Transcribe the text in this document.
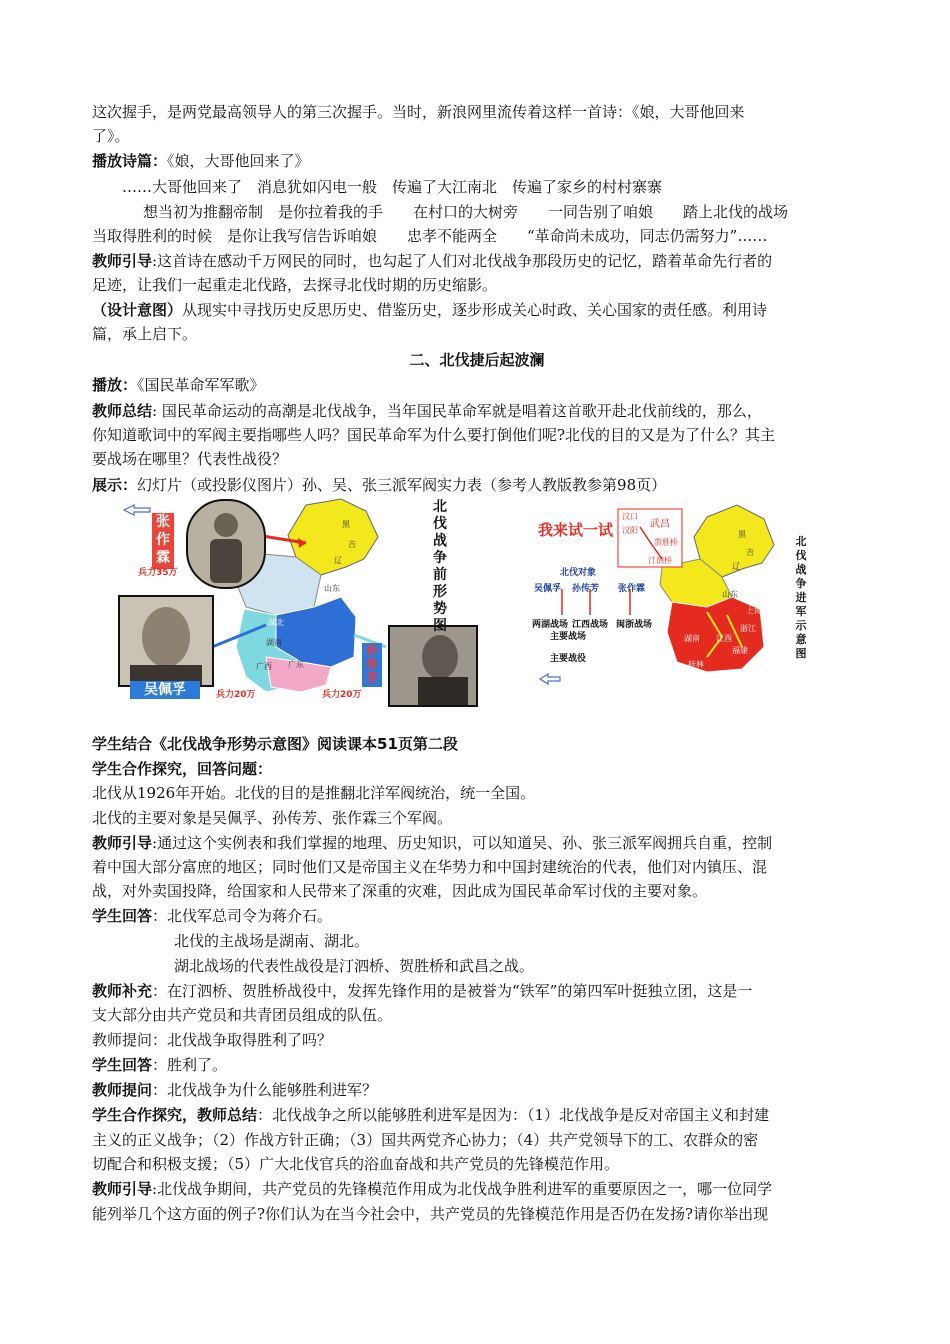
这次握手，是两党最高领导人的第三次握手。当时，新浪网里流传着这样一首诗：《娘，大哥他回来
了》。
播放诗篇：《娘，大哥他回来了》
……大哥他回来了　消息犹如闪电一般　传遍了大江南北　传遍了家乡的村村寨寨
想当初为推翻帝制　是你拉着我的手　　在村口的大树旁　　一同告别了咱娘　　踏上北伐的战场
当取得胜利的时候　是你让我写信告诉咱娘　　忠孝不能两全　　“革命尚未成功，同志仍需努力”……
教师引导:这首诗在感动千万网民的同时，也勾起了人们对北伐战争那段历史的记忆，踏着革命先行者的
足迹，让我们一起重走北伐路，去探寻北伐时期的历史缩影。
（设计意图）从现实中寻找历史反思历史、借鉴历史，逐步形成关心时政、关心国家的责任感。利用诗
篇，承上启下。
二、北伐捷后起波澜
播放：《国民革命军军歌》
教师总结: 国民革命运动的高潮是北伐战争，当年国民革命军就是唱着这首歌开赴北伐前线的，那么，
你知道歌词中的军阀主要指哪些人吗？国民革命军为什么要打倒他们呢?北伐的目的又是为了什么？其主
要战场在哪里？代表性战役？
展示：幻灯片（或投影仪图片）孙、吴、张三派军阀实力表（参考人教版教参第98页）
黑
吉
辽
山东
湖北
湖南
广西 广东
张作霖
兵力35万
吴佩孚	兵力20万
孙传芳
兵力20万
北伐战争前形势图
我来试一试
汉口
汉阳
武昌
贺胜桥
汀泗桥
北伐对象
吴佩孚 孙传芳 张作霖
两湖战场 江西战场 闽浙战场
主要战场
主要战役
黑
吉
辽
山东
上海
湖南 江西
浙江
福建
桂林
北伐战争进军示意图
学生结合《北伐战争形势示意图》阅读课本51页第二段
学生合作探究，回答问题：
北伐从1926年开始。北伐的目的是推翻北洋军阀统治，统一全国。
北伐的主要对象是吴佩孚、孙传芳、张作霖三个军阀。
教师引导:通过这个实例表和我们掌握的地理、历史知识，可以知道吴、孙、张三派军阀拥兵自重，控制
着中国大部分富庶的地区；同时他们又是帝国主义在华势力和中国封建统治的代表，他们对内镇压、混
战，对外卖国投降，给国家和人民带来了深重的灾难，因此成为国民革命军讨伐的主要对象。
学生回答：北伐军总司令为蒋介石。
北伐的主战场是湖南、湖北。
湖北战场的代表性战役是汀泗桥、贺胜桥和武昌之战。
教师补充：在汀泗桥、贺胜桥战役中，发挥先锋作用的是被誉为“铁军”的第四军叶挺独立团，这是一
支大部分由共产党员和共青团员组成的队伍。
教师提问：北伐战争取得胜利了吗？
学生回答：胜利了。
教师提问：北伐战争为什么能够胜利进军？
学生合作探究，教师总结：北伐战争之所以能够胜利进军是因为：（1）北伐战争是反对帝国主义和封建
主义的正义战争；（2）作战方针正确；（3）国共两党齐心协力；（4）共产党领导下的工、农群众的密
切配合和积极支援；（5）广大北伐官兵的浴血奋战和共产党员的先锋模范作用。
教师引导:北伐战争期间，共产党员的先锋模范作用成为北伐战争胜利进军的重要原因之一，哪一位同学
能列举几个这方面的例子?你们认为在当今社会中，共产党员的先锋模范作用是否仍在发扬?请你举出现
